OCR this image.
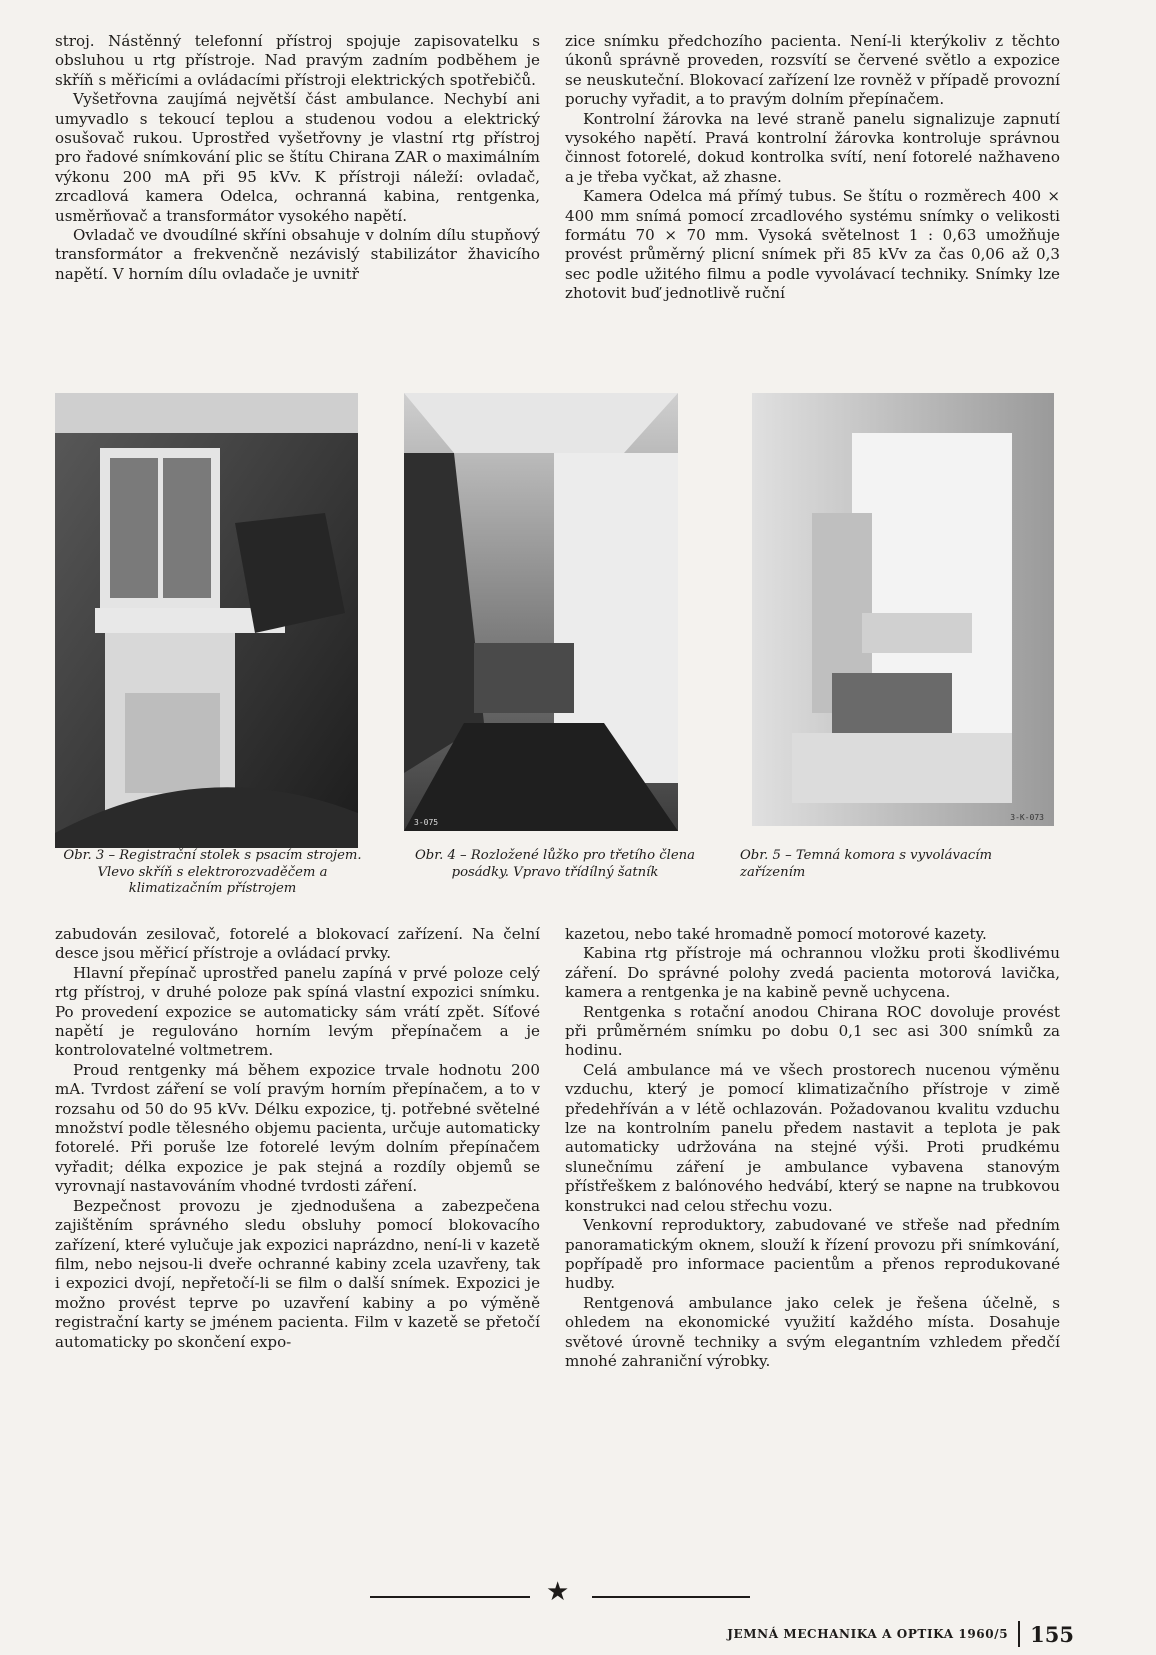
stroj. Nástěnný telefonní přístroj spojuje zapisovatelku s obsluhou u rtg přístroje. Nad pravým zadním podběhem je skříň s měřicími a ovládacími přístroji elektrických spotřebičů.

Vyšetřovna zaujímá největší část ambulance. Nechybí ani umyvadlo s tekoucí teplou a studenou vodou a elektrický osušovač rukou. Uprostřed vyšetřovny je vlastní rtg přístroj pro řadové snímkování plic se štítu Chirana ZAR o maximálním výkonu 200 mA při 95 kVv. K přístroji náleží: ovladač, zrcadlová kamera Odelca, ochranná kabina, rentgenka, usměrňovač a transformátor vysokého napětí.

Ovladač ve dvoudílné skříni obsahuje v dolním dílu stupňový transformátor a frekvenčně nezávislý stabilizátor žhavicího napětí. V horním dílu ovladače je uvnitř

zice snímku předchozího pacienta. Není-li kterýkoliv z těchto úkonů správně proveden, rozsvítí se červené světlo a expozice se neuskuteční. Blokovací zařízení lze rovněž v případě provozní poruchy vyřadit, a to pravým dolním přepínačem.

Kontrolní žárovka na levé straně panelu signalizuje zapnutí vysokého napětí. Pravá kontrolní žárovka kontroluje správnou činnost fotorelé, dokud kontrolka svítí, není fotorelé nažhaveno a je třeba vyčkat, až zhasne.

Kamera Odelca má přímý tubus. Se štítu o rozměrech 400 × 400 mm snímá pomocí zrcadlového systému snímky o velikosti formátu 70 × 70 mm. Vysoká světelnost 1 : 0,63 umožňuje provést průměrný plicní snímek při 85 kVv za čas 0,06 až 0,3 sec podle užitého filmu a podle vyvolávací techniky. Snímky lze zhotovit buď jednotlivě ruční

3-075
3-K-073
Obr. 3 – Registrační stolek s psacím strojem. Vlevo skříň s elektrorozvaděčem a klimatizačním přístrojem
Obr. 4 – Rozložené lůžko pro třetího člena posádky. Vpravo třídílný šatník
Obr. 5 – Temná komora s vyvolávacím zařízením

zabudován zesilovač, fotorelé a blokovací zařízení. Na čelní desce jsou měřicí přístroje a ovládací prvky.

Hlavní přepínač uprostřed panelu zapíná v prvé poloze celý rtg přístroj, v druhé poloze pak spíná vlastní expozici snímku. Po provedení expozice se automaticky sám vrátí zpět. Síťové napětí je regulováno horním levým přepínačem a je kontrolovatelné voltmetrem.

Proud rentgenky má během expozice trvale hodnotu 200 mA. Tvrdost záření se volí pravým horním přepínačem, a to v rozsahu od 50 do 95 kVv. Délku expozice, tj. potřebné světelné množství podle tělesného objemu pacienta, určuje automaticky fotorelé. Při poruše lze fotorelé levým dolním přepínačem vyřadit; délka expozice je pak stejná a rozdíly objemů se vyrovnají nastavováním vhodné tvrdosti záření.

Bezpečnost provozu je zjednodušena a zabezpečena zajištěním správného sledu obsluhy pomocí blokovacího zařízení, které vylučuje jak expozici naprázdno, není-li v kazetě film, nebo nejsou-li dveře ochranné kabiny zcela uzavřeny, tak i expozici dvojí, nepřetočí-li se film o další snímek. Expozici je možno provést teprve po uzavření kabiny a po výměně registrační karty se jménem pacienta. Film v kazetě se přetočí automaticky po skončení expo-

kazetou, nebo také hromadně pomocí motorové kazety.

Kabina rtg přístroje má ochrannou vložku proti škodlivému záření. Do správné polohy zvedá pacienta motorová lavička, kamera a rentgenka je na kabině pevně uchycena.

Rentgenka s rotační anodou Chirana ROC dovoluje provést při průměrném snímku po dobu 0,1 sec asi 300 snímků za hodinu.

Celá ambulance má ve všech prostorech nucenou výměnu vzduchu, který je pomocí klimatizačního přístroje v zimě předehříván a v létě ochlazován. Požadovanou kvalitu vzduchu lze na kontrolním panelu předem nastavit a teplota je pak automaticky udržována na stejné výši. Proti prudkému slunečnímu záření je ambulance vybavena stanovým přístřeškem z balónového hedvábí, který se napne na trubkovou konstrukci nad celou střechu vozu.

Venkovní reproduktory, zabudované ve střeše nad předním panoramatickým oknem, slouží k řízení provozu při snímkování, popřípadě pro informace pacientům a přenos reprodukované hudby.

Rentgenová ambulance jako celek je řešena účelně, s ohledem na ekonomické využití každého místa. Dosahuje světové úrovně techniky a svým elegantním vzhledem předčí mnohé zahraniční výrobky.

★
JEMNÁ MECHANIKA A OPTIKA 1960/5 155
